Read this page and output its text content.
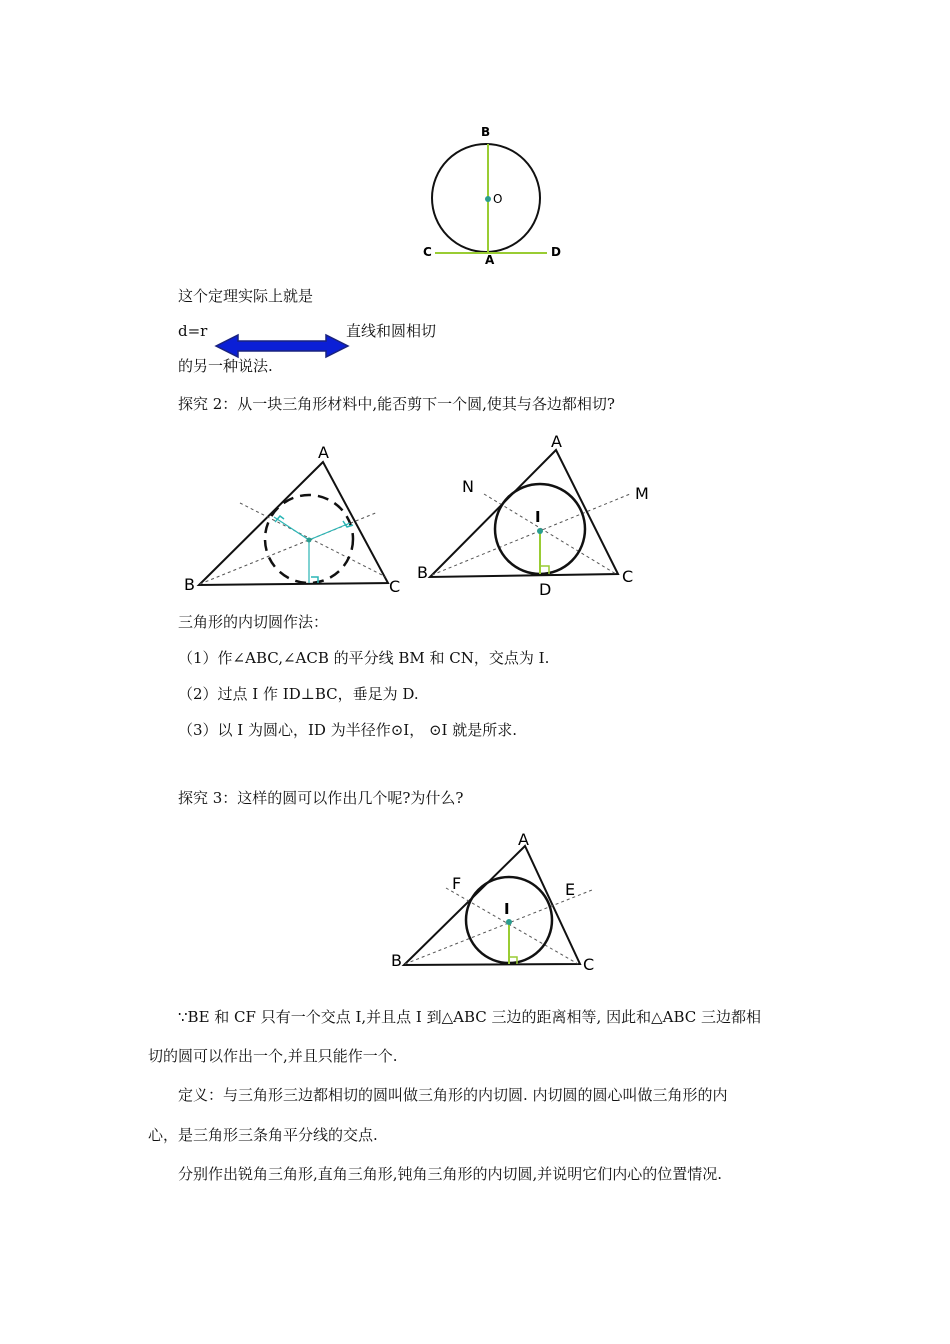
B
O
C
A
D
这个定理实际上就是
d=r	直线和圆相切
的另一种说法.
探究 2：从一块三角形材料中,能否剪下一个圆,使其与各边都相切?
A
B	C
A
N	M
I
B	C
D
三角形的内切圆作法：
（1）作∠ABC,∠ACB 的平分线 BM 和 CN，交点为 I.
（2）过点 I 作 ID⊥BC，垂足为 D.
（3）以 I 为圆心，ID 为半径作⊙I， ⊙I 就是所求.
探究 3：这样的圆可以作出几个呢?为什么?
A
F	E
I
B	C
∵BE 和 CF 只有一个交点 I,并且点 I 到△ABC 三边的距离相等, 因此和△ABC 三边都相
切的圆可以作出一个,并且只能作一个.
定义：与三角形三边都相切的圆叫做三角形的内切圆. 内切圆的圆心叫做三角形的内
心，是三角形三条角平分线的交点.
分别作出锐角三角形,直角三角形,钝角三角形的内切圆,并说明它们内心的位置情况.
